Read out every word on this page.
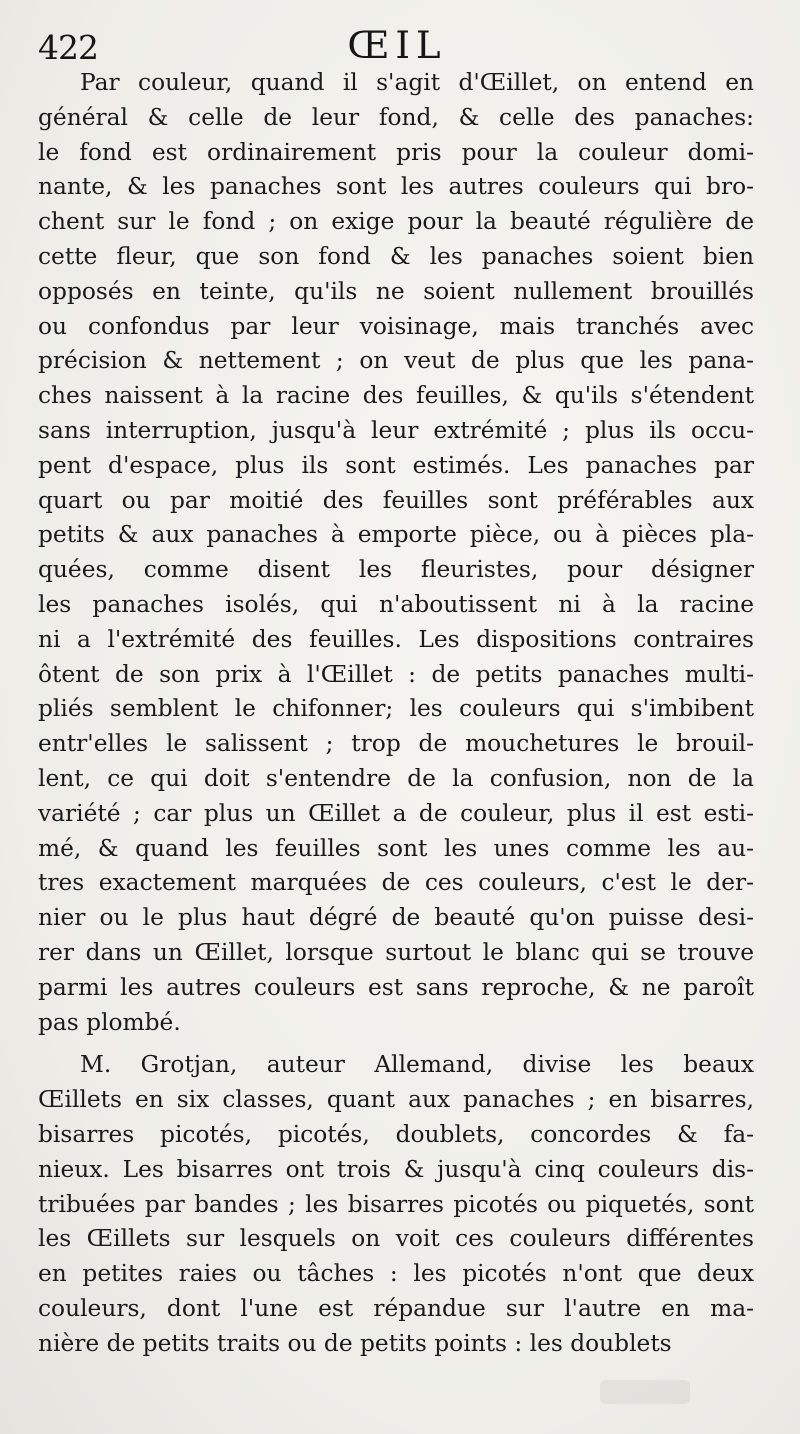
422	ŒIL
Par couleur, quand il s'agit d'Œillet, on entend en
général & celle de leur fond, & celle des panaches:
le fond est ordinairement pris pour la couleur domi-
nante, & les panaches sont les autres couleurs qui bro-
chent sur le fond ; on exige pour la beauté régulière de
cette fleur, que son fond & les panaches soient bien
opposés en teinte, qu'ils ne soient nullement brouillés
ou confondus par leur voisinage, mais tranchés avec
précision & nettement ; on veut de plus que les pana-
ches naissent à la racine des feuilles, & qu'ils s'étendent
sans interruption, jusqu'à leur extrémité ; plus ils occu-
pent d'espace, plus ils sont estimés. Les panaches par
quart ou par moitié des feuilles sont préférables aux
petits & aux panaches à emporte pièce, ou à pièces pla-
quées, comme disent les fleuristes, pour désigner
les panaches isolés, qui n'aboutissent ni à la racine
ni a l'extrémité des feuilles. Les dispositions contraires
ôtent de son prix à l'Œillet : de petits panaches multi-
pliés semblent le chifonner; les couleurs qui s'imbibent
entr'elles le salissent ; trop de mouchetures le brouil-
lent, ce qui doit s'entendre de la confusion, non de la
variété ; car plus un Œillet a de couleur, plus il est esti-
mé, & quand les feuilles sont les unes comme les au-
tres exactement marquées de ces couleurs, c'est le der-
nier ou le plus haut dégré de beauté qu'on puisse desi-
rer dans un Œillet, lorsque surtout le blanc qui se trouve
parmi les autres couleurs est sans reproche, & ne paroît
pas plombé.
M. Grotjan, auteur Allemand, divise les beaux
Œillets en six classes, quant aux panaches ; en bisarres,
bisarres picotés, picotés, doublets, concordes & fa-
nieux. Les bisarres ont trois & jusqu'à cinq couleurs dis-
tribuées par bandes ; les bisarres picotés ou piquetés, sont
les Œillets sur lesquels on voit ces couleurs différentes
en petites raies ou tâches : les picotés n'ont que deux
couleurs, dont l'une est répandue sur l'autre en ma-
nière de petits traits ou de petits points : les doublets
